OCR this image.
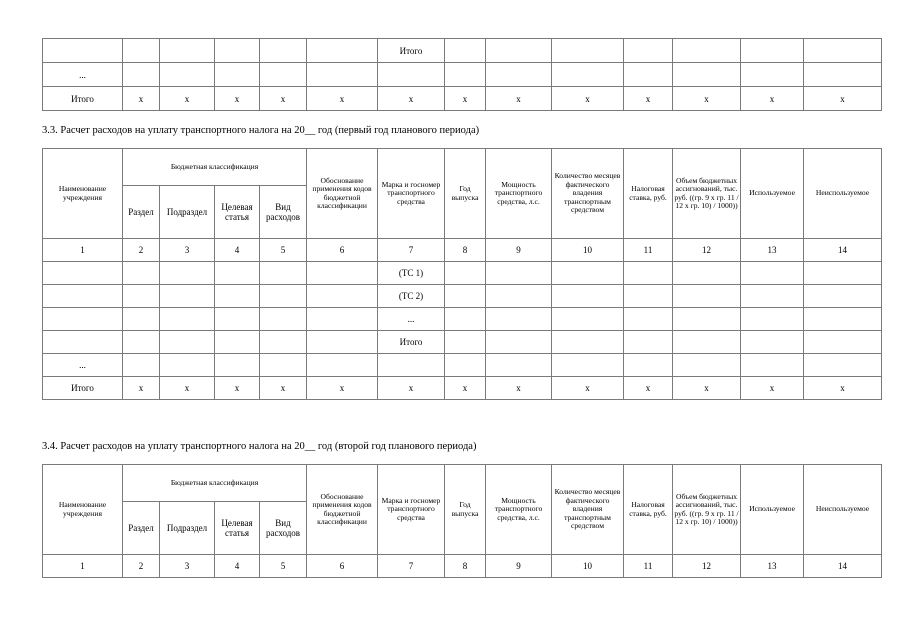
						Итого							
...													
Итого	x	x	x	x	x	x	x	x	x	x	x	x	x
3.3. Расчет расходов на уплату транспортного налога на 20__ год (первый год планового периода)
Наименование учреждения	Бюджетная классификация				Обоснование применения кодов бюджетной классификации	Марка и госномер транспортного средства	Год выпуска	Мощность транспортного средства, л.с.	Количество месяцев фактического владения транспортным средством	Налоговая ставка, руб.	Объем бюджетных ассигнований, тыс. руб. ((гр. 9 x гр. 11 / 12 x гр. 10) / 1000))	Используемое	Неиспользуемое
	Раздел	Подраздел	Целевая статья	Вид расходов									
1	2	3	4	5	6	7	8	9	10	11	12	13	14
						(ТС 1)							
						(ТС 2)							
						...							
						Итого							
...													
Итого	x	x	x	x	x	x	x	x	x	x	x	x	x
3.4. Расчет расходов на уплату транспортного налога на 20__ год (второй год планового периода)
Наименование учреждения	Бюджетная классификация				Обоснование применения кодов бюджетной классификации	Марка и госномер транспортного средства	Год выпуска	Мощность транспортного средства, л.с.	Количество месяцев фактического владения транспортным средством	Налоговая ставка, руб.	Объем бюджетных ассигнований, тыс. руб. ((гр. 9 x гр. 11 / 12 x гр. 10) / 1000))	Используемое	Неиспользуемое
	Раздел	Подраздел	Целевая статья	Вид расходов									
1	2	3	4	5	6	7	8	9	10	11	12	13	14
